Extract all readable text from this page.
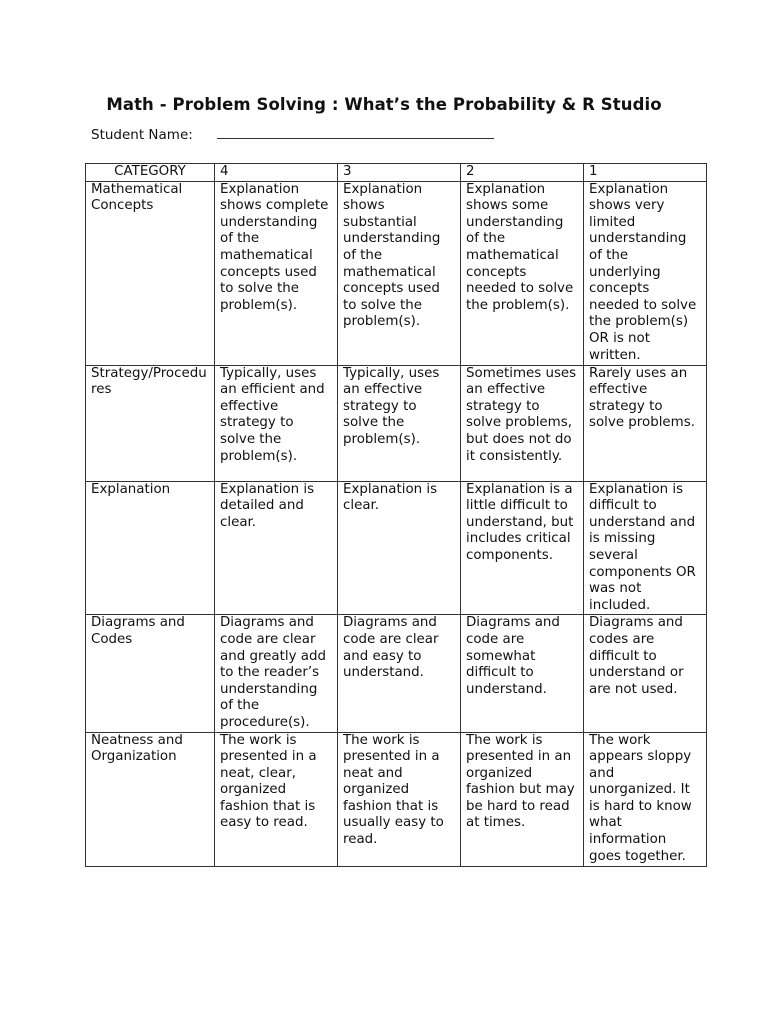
Math - Problem Solving : What’s the Probability & R Studio
Student Name:
CATEGORY	4	3	2	1
Mathematical Concepts	Explanation shows complete understanding of the mathematical concepts used to solve the problem(s).	Explanation shows substantial understanding of the mathematical concepts used to solve the problem(s).	Explanation shows some understanding of the mathematical concepts needed to solve the problem(s).	Explanation shows very limited understanding of the underlying concepts needed to solve the problem(s) OR is not written.
Strategy/Procedures	Typically, uses an efficient and effective strategy to solve the problem(s).	Typically, uses an effective strategy to solve the problem(s).	Sometimes uses an effective strategy to solve problems, but does not do it consistently.	Rarely uses an effective strategy to solve problems.
Explanation	Explanation is detailed and clear.	Explanation is clear.	Explanation is a little difficult to understand, but includes critical components.	Explanation is difficult to understand and is missing several components OR was not included.
Diagrams and Codes	Diagrams and code are clear and greatly add to the reader’s understanding of the procedure(s).	Diagrams and code are clear and easy to understand.	Diagrams and code are somewhat difficult to understand.	Diagrams and codes are difficult to understand or are not used.
Neatness and Organization	The work is presented in a neat, clear, organized fashion that is easy to read.	The work is presented in a neat and organized fashion that is usually easy to read.	The work is presented in an organized fashion but may be hard to read at times.	The work appears sloppy and unorganized. It is hard to know what information goes together.
